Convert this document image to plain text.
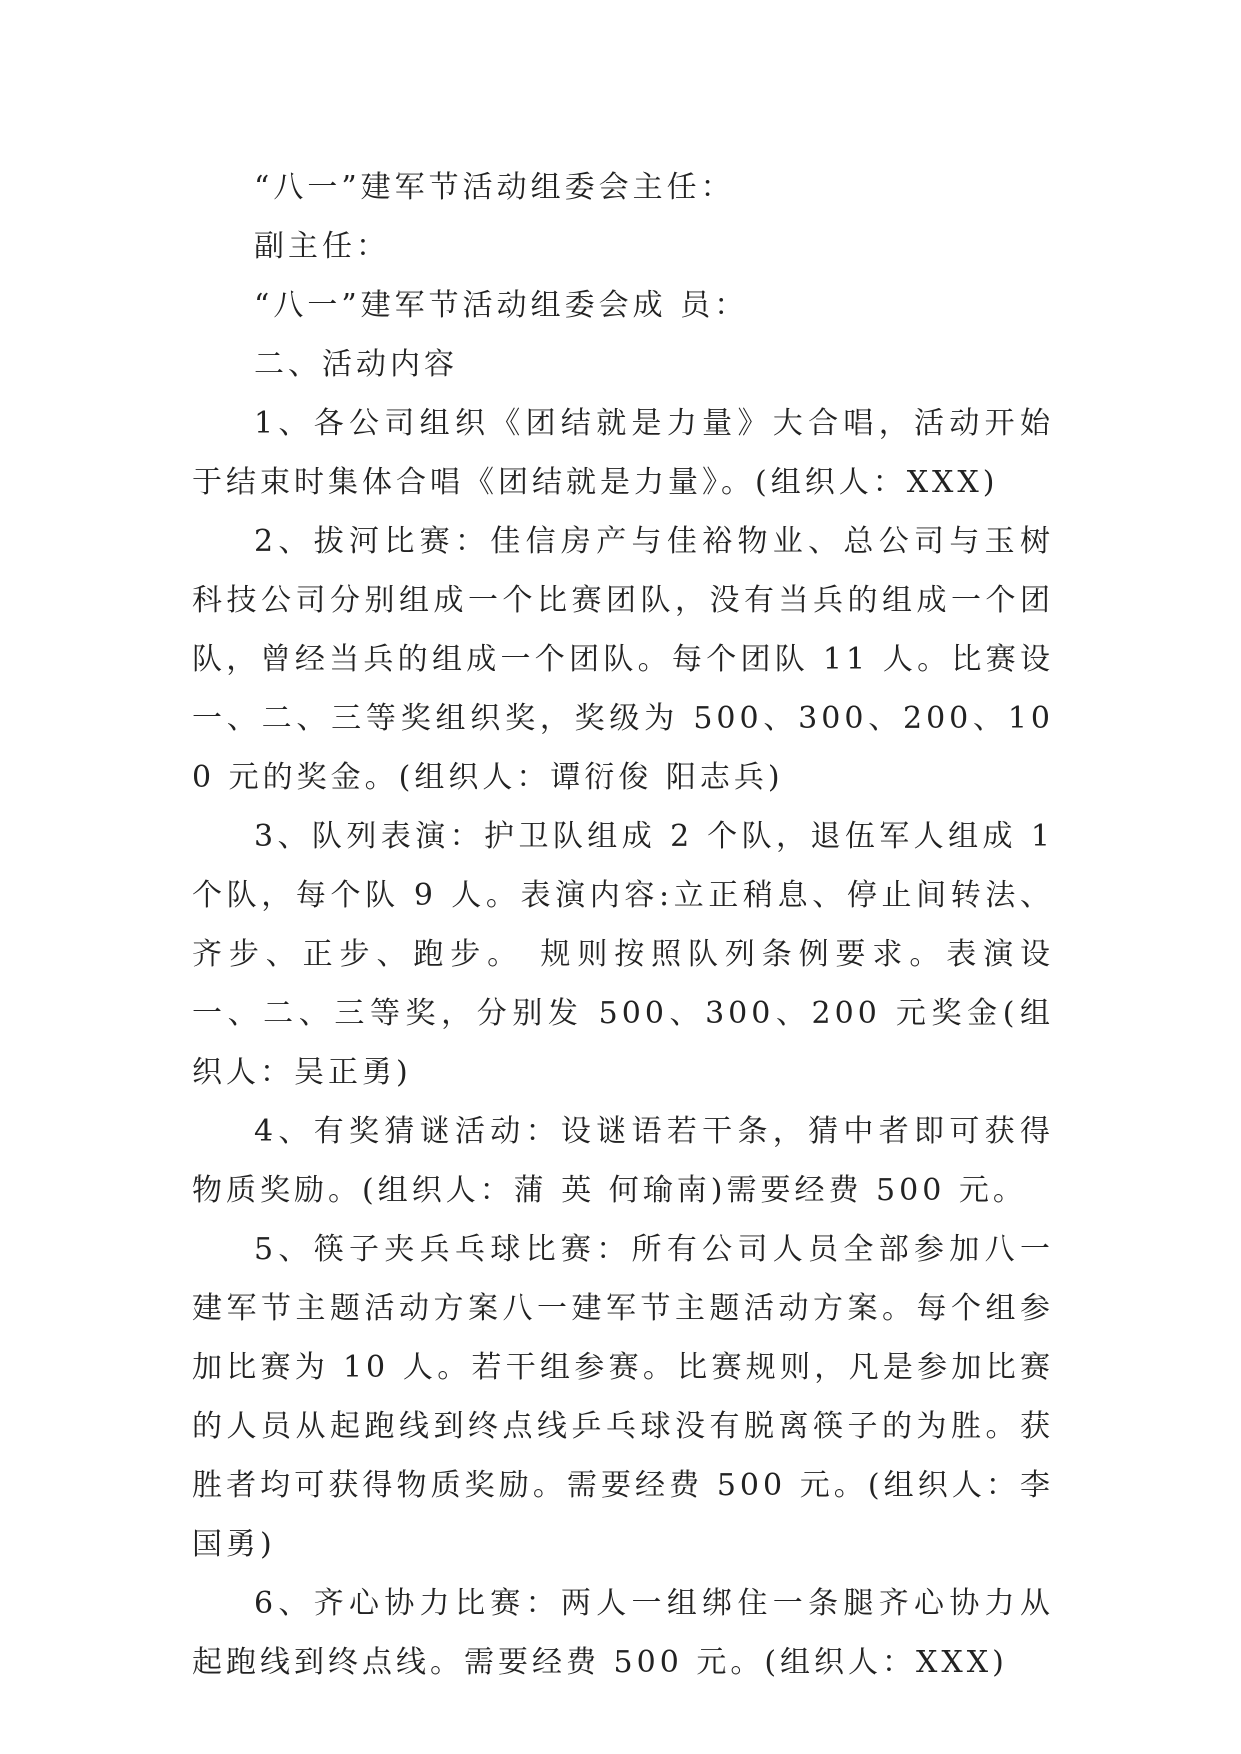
“八一”建军节活动组委会主任：

副主任：

“八一”建军节活动组委会成 员：

二、活动内容

1、各公司组织《团结就是力量》大合唱，活动开始于结束时集体合唱《团结就是力量》。(组织人：XXX)

2、拔河比赛：佳信房产与佳裕物业、总公司与玉树科技公司分别组成一个比赛团队，没有当兵的组成一个团队，曾经当兵的组成一个团队。每个团队 11 人。比赛设一、二、三等奖组织奖，奖级为 500、300、200、100 元的奖金。(组织人：谭衍俊 阳志兵)

3、队列表演：护卫队组成 2 个队，退伍军人组成 1 个队，每个队 9 人。表演内容:立正稍息、停止间转法、齐步、正步、跑步。 规则按照队列条例要求。表演设一、二、三等奖，分别发 500、300、200 元奖金(组织人：吴正勇)

4、有奖猜谜活动：设谜语若干条，猜中者即可获得物质奖励。(组织人：蒲 英 何瑜南)需要经费 500 元。

5、筷子夹兵乓球比赛：所有公司人员全部参加八一建军节主题活动方案八一建军节主题活动方案。每个组参加比赛为 10 人。若干组参赛。比赛规则，凡是参加比赛的人员从起跑线到终点线乒乓球没有脱离筷子的为胜。获胜者均可获得物质奖励。需要经费 500 元。(组织人：李国勇)

6、齐心协力比赛：两人一组绑住一条腿齐心协力从起跑线到终点线。需要经费 500 元。(组织人：XXX)
